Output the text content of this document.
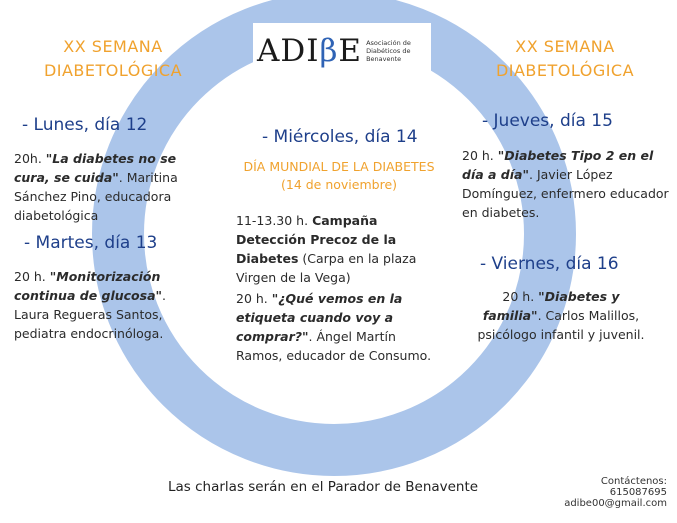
ADIβE Asociación de
Diabéticos de
Benavente
XX SEMANA
DIABETOLÓGICA
XX SEMANA
DIABETOLÓGICA
- Lunes, día 12
20h. "La diabetes no se cura, se cuida". Maritina Sánchez Pino, educadora diabetológica
- Martes, día 13
20 h. "Monitorización continua de glucosa". Laura Regueras Santos, pediatra endocrinóloga.
- Miércoles, día 14
DÍA MUNDIAL DE LA DIABETES
(14 de noviembre)
11-13.30 h. Campaña Detección Precoz de la Diabetes (Carpa en la plaza Virgen de la Vega)
20 h. "¿Qué vemos en la etiqueta cuando voy a comprar?". Ángel Martín Ramos, educador de Consumo.
- Jueves, día 15
20 h. "Diabetes Tipo 2 en el día a día". Javier López Domínguez, enfermero educador en diabetes.
- Viernes, día 16
20 h. "Diabetes y familia". Carlos Malillos, psicólogo infantil y juvenil.
Las charlas serán en el Parador de Benavente	Contáctenos:
615087695
adibe00@gmail.com
